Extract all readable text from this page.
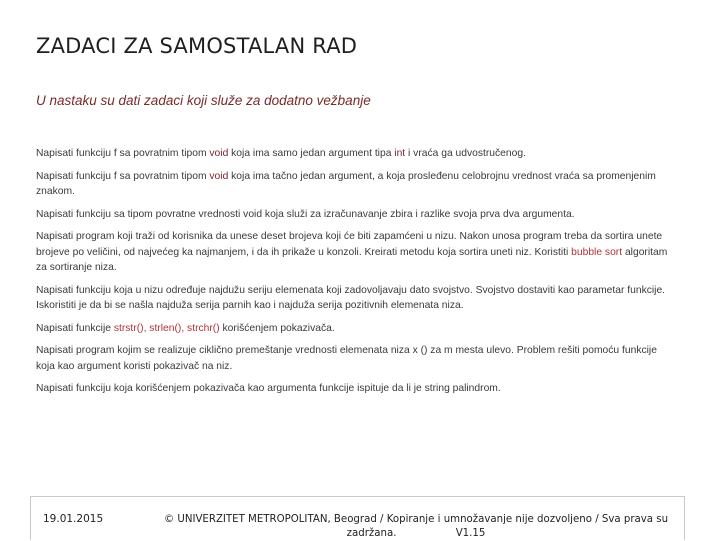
ZADACI ZA SAMOSTALAN RAD

U nastaku su dati zadaci koji služe za dodatno vežbanje

Napisati funkciju f sa povratnim tipom void koja ima samo jedan argument tipa int i vraća ga udvostručenog.

Napisati funkciju f sa povratnim tipom void koja ima tačno jedan argument, a koja prosleđenu celobrojnu vrednost vraća sa promenjenim znakom.

Napisati funkciju sa tipom povratne vrednosti void koja služi za izračunavanje zbira i razlike svoja prva dva argumenta.

Napisati program koji traži od korisnika da unese deset brojeva koji će biti zapamćeni u nizu. Nakon unosa program treba da sortira unete brojeve po veličini, od najvećeg ka najmanjem, i da ih prikaže u konzoli. Kreirati metodu koja sortira uneti niz. Koristiti bubble sort algoritam za sortiranje niza.

Napisati funkciju koja u nizu određuje najdužu seriju elemenata koji zadovoljavaju dato svojstvo. Svojstvo dostaviti kao parametar funkcije. Iskoristiti je da bi se našla najduža serija parnih kao i najduža serija pozitivnih elemenata niza.

Napisati funkcije strstr(), strlen(), strchr() korišćenjem pokazivača.

Napisati program kojim se realizuje ciklično premeštanje vrednosti elemenata niza x () za m mesta ulevo. Problem rešiti pomoću funkcije koja kao argument koristi pokazivač na niz.

Napisati funkciju koja korišćenjem pokazivača kao argumenta funkcije ispituje da li je string palindrom.

19.01.2015	© UNIVERZITET METROPOLITAN, Beograd / Kopiranje i umnožavanje nije dozvoljeno / Sva prava su zadržana.	V1.15
